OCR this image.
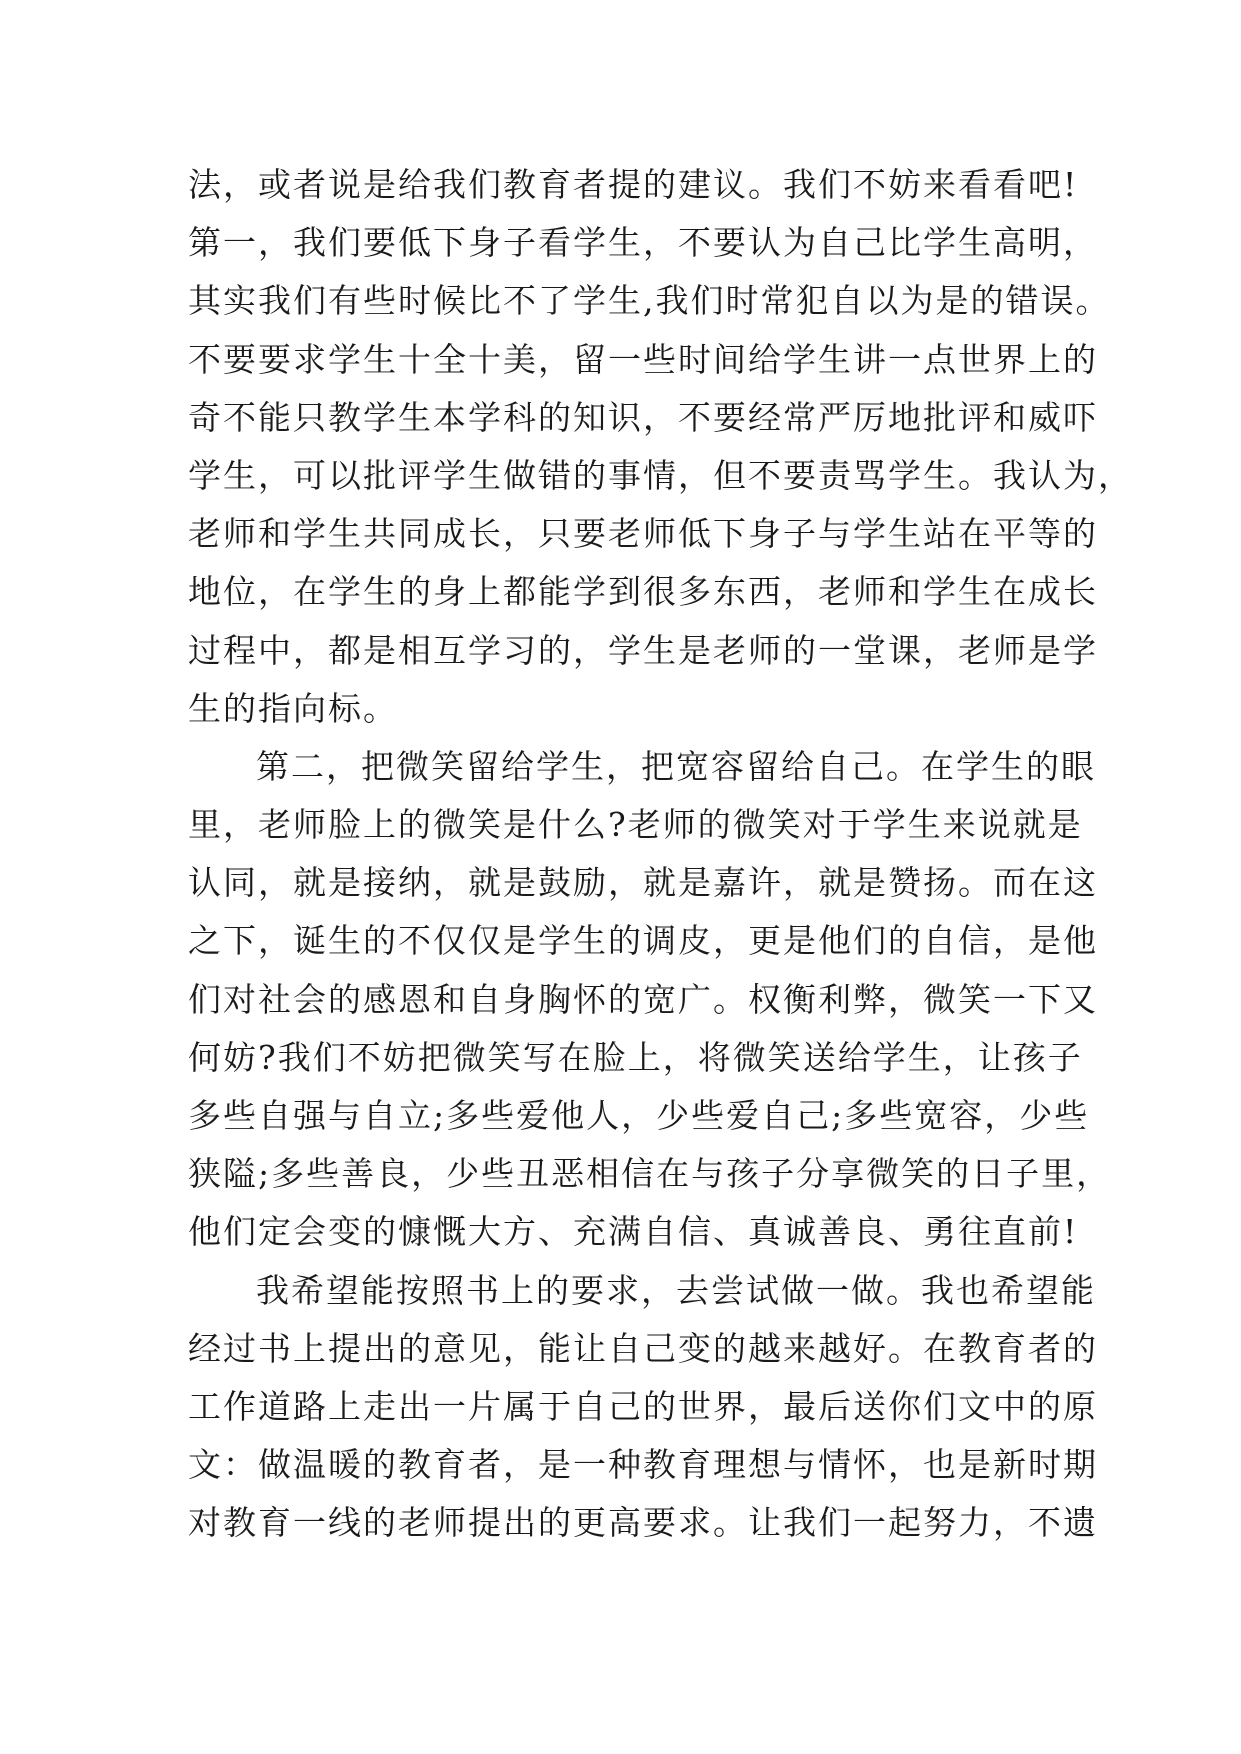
法，或者说是给我们教育者提的建议。我们不妨来看看吧!
第一，我们要低下身子看学生，不要认为自己比学生高明，
其实我们有些时候比不了学生,我们时常犯自以为是的错误。
不要要求学生十全十美，留一些时间给学生讲一点世界上的
奇不能只教学生本学科的知识，不要经常严厉地批评和威吓
学生，可以批评学生做错的事情，但不要责骂学生。我认为，
老师和学生共同成长，只要老师低下身子与学生站在平等的
地位，在学生的身上都能学到很多东西，老师和学生在成长
过程中，都是相互学习的，学生是老师的一堂课，老师是学
生的指向标。
第二，把微笑留给学生，把宽容留给自己。在学生的眼
里，老师脸上的微笑是什么?老师的微笑对于学生来说就是
认同，就是接纳，就是鼓励，就是嘉许，就是赞扬。而在这
之下，诞生的不仅仅是学生的调皮，更是他们的自信，是他
们对社会的感恩和自身胸怀的宽广。权衡利弊，微笑一下又
何妨?我们不妨把微笑写在脸上，将微笑送给学生，让孩子
多些自强与自立;多些爱他人，少些爱自己;多些宽容，少些
狭隘;多些善良，少些丑恶相信在与孩子分享微笑的日子里，
他们定会变的慷慨大方、充满自信、真诚善良、勇往直前!
我希望能按照书上的要求，去尝试做一做。我也希望能
经过书上提出的意见，能让自己变的越来越好。在教育者的
工作道路上走出一片属于自己的世界，最后送你们文中的原
文：做温暖的教育者，是一种教育理想与情怀，也是新时期
对教育一线的老师提出的更高要求。让我们一起努力，不遗
